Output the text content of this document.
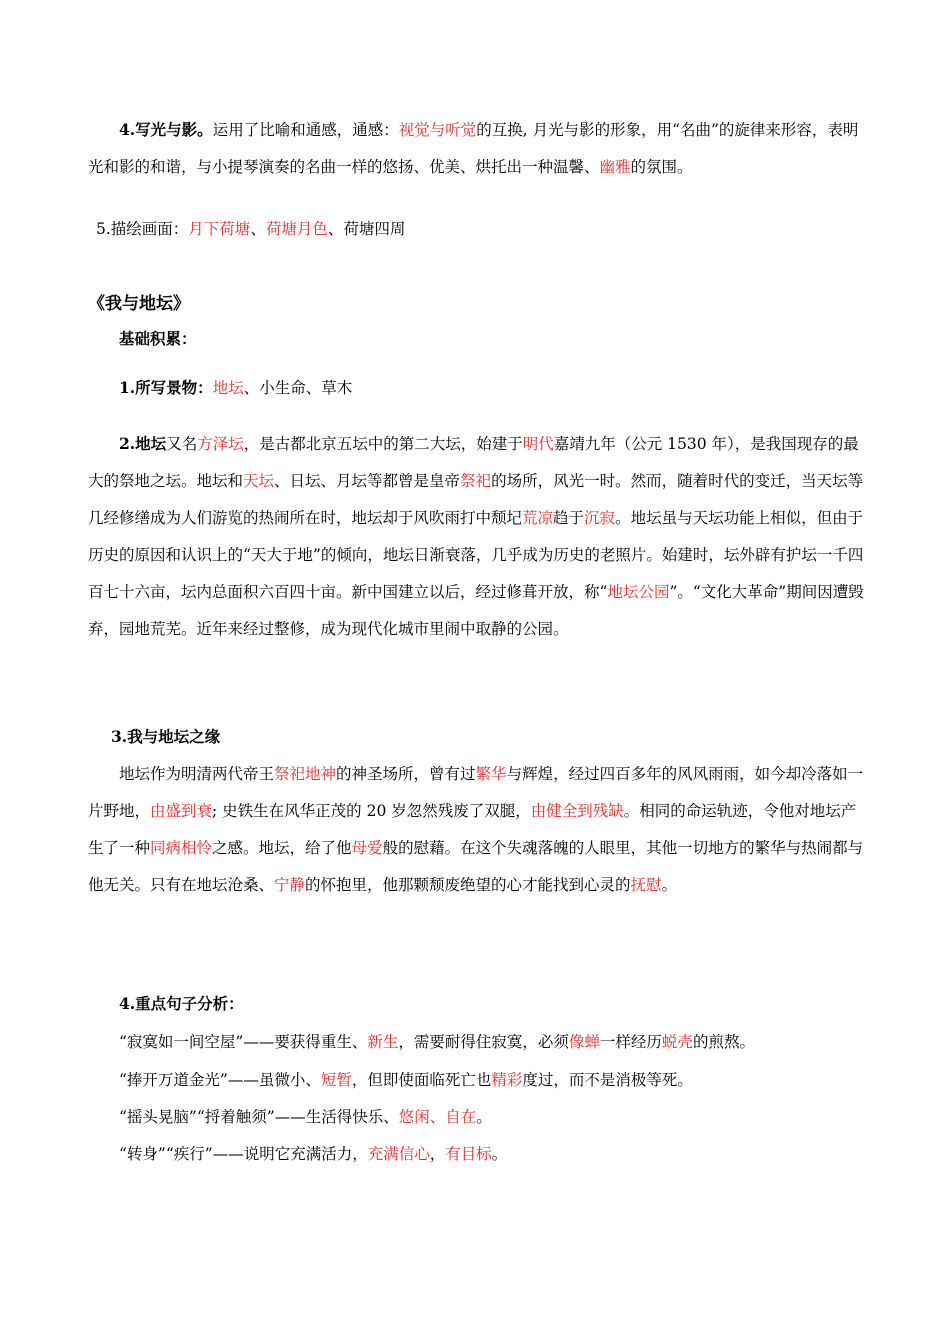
4.写光与影。运用了比喻和通感，通感：视觉与听觉的互换, 月光与影的形象，用“名曲”的旋律来形容，表明光和影的和谐，与小提琴演奏的名曲一样的悠扬、优美、烘托出一种温馨、幽雅的氛围。

5.描绘画面：月下荷塘、荷塘月色、荷塘四周

《我与地坛》

基础积累：

1.所写景物：地坛、小生命、草木

2.地坛又名方泽坛，是古都北京五坛中的第二大坛，始建于明代嘉靖九年（公元 1530 年），是我国现存的最大的祭地之坛。地坛和天坛、日坛、月坛等都曾是皇帝祭祀的场所，风光一时。然而，随着时代的变迁，当天坛等几经修缮成为人们游览的热闹所在时，地坛却于风吹雨打中颓圮荒凉趋于沉寂。地坛虽与天坛功能上相似，但由于历史的原因和认识上的“天大于地”的倾向，地坛日渐衰落，几乎成为历史的老照片。始建时，坛外辟有护坛一千四百七十六亩，坛内总面积六百四十亩。新中国建立以后，经过修葺开放，称“地坛公园”。“文化大革命”期间因遭毁弃，园地荒芜。近年来经过整修，成为现代化城市里闹中取静的公园。

3.我与地坛之缘

地坛作为明清两代帝王祭祀地神的神圣场所，曾有过繁华与辉煌，经过四百多年的风风雨雨，如今却冷落如一片野地，由盛到衰; 史铁生在风华正茂的 20 岁忽然残废了双腿，由健全到残缺。相同的命运轨迹，令他对地坛产生了一种同病相怜之感。地坛，给了他母爱般的慰藉。在这个失魂落魄的人眼里，其他一切地方的繁华与热闹都与他无关。只有在地坛沧桑、宁静的怀抱里，他那颗颓废绝望的心才能找到心灵的抚慰。

4.重点句子分析：

“寂寞如一间空屋”——要获得重生、新生，需要耐得住寂寞，必须像蝉一样经历蜕壳的煎熬。
“捧开万道金光”——虽微小、短暂，但即使面临死亡也精彩度过，而不是消极等死。
“摇头晃脑”“捋着触须”——生活得快乐、悠闲、自在。
“转身”“疾行”——说明它充满活力，充满信心，有目标。
